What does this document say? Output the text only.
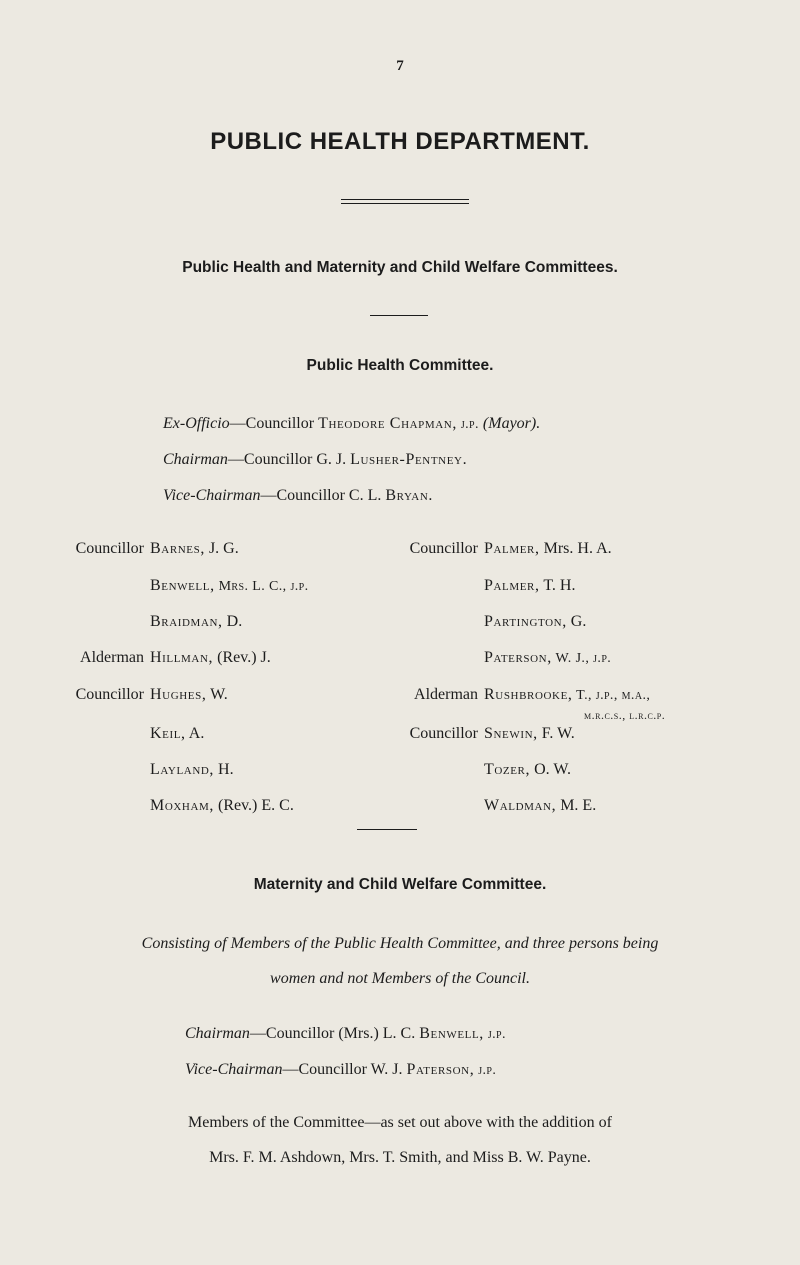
7
PUBLIC HEALTH DEPARTMENT.
Public Health and Maternity and Child Welfare Committees.
Public Health Committee.
Ex-Officio—Councillor Theodore Chapman, j.p. (Mayor).
Chairman—Councillor G. J. Lusher-Pentney.
Vice-Chairman—Councillor C. L. Bryan.
Councillor Barnes, J. G.
Benwell, Mrs. L. C., j.p.
Braidman, D.
Alderman Hillman, (Rev.) J.
Councillor Hughes, W.
Keil, A.
Layland, H.
Moxham, (Rev.) E. C.
Councillor Palmer, Mrs. H. A.
Palmer, T. H.
Partington, G.
Paterson, W. J., j.p.
Alderman Rushbrooke, T., j.p., m.a.,
m.r.c.s., l.r.c.p.
Councillor Snewin, F. W.
Tozer, O. W.
Waldman, M. E.
Maternity and Child Welfare Committee.
Consisting of Members of the Public Health Committee, and three persons being
women and not Members of the Council.
Chairman—Councillor (Mrs.) L. C. Benwell, j.p.
Vice-Chairman—Councillor W. J. Paterson, j.p.
Members of the Committee—as set out above with the addition of
Mrs. F. M. Ashdown, Mrs. T. Smith, and Miss B. W. Payne.
